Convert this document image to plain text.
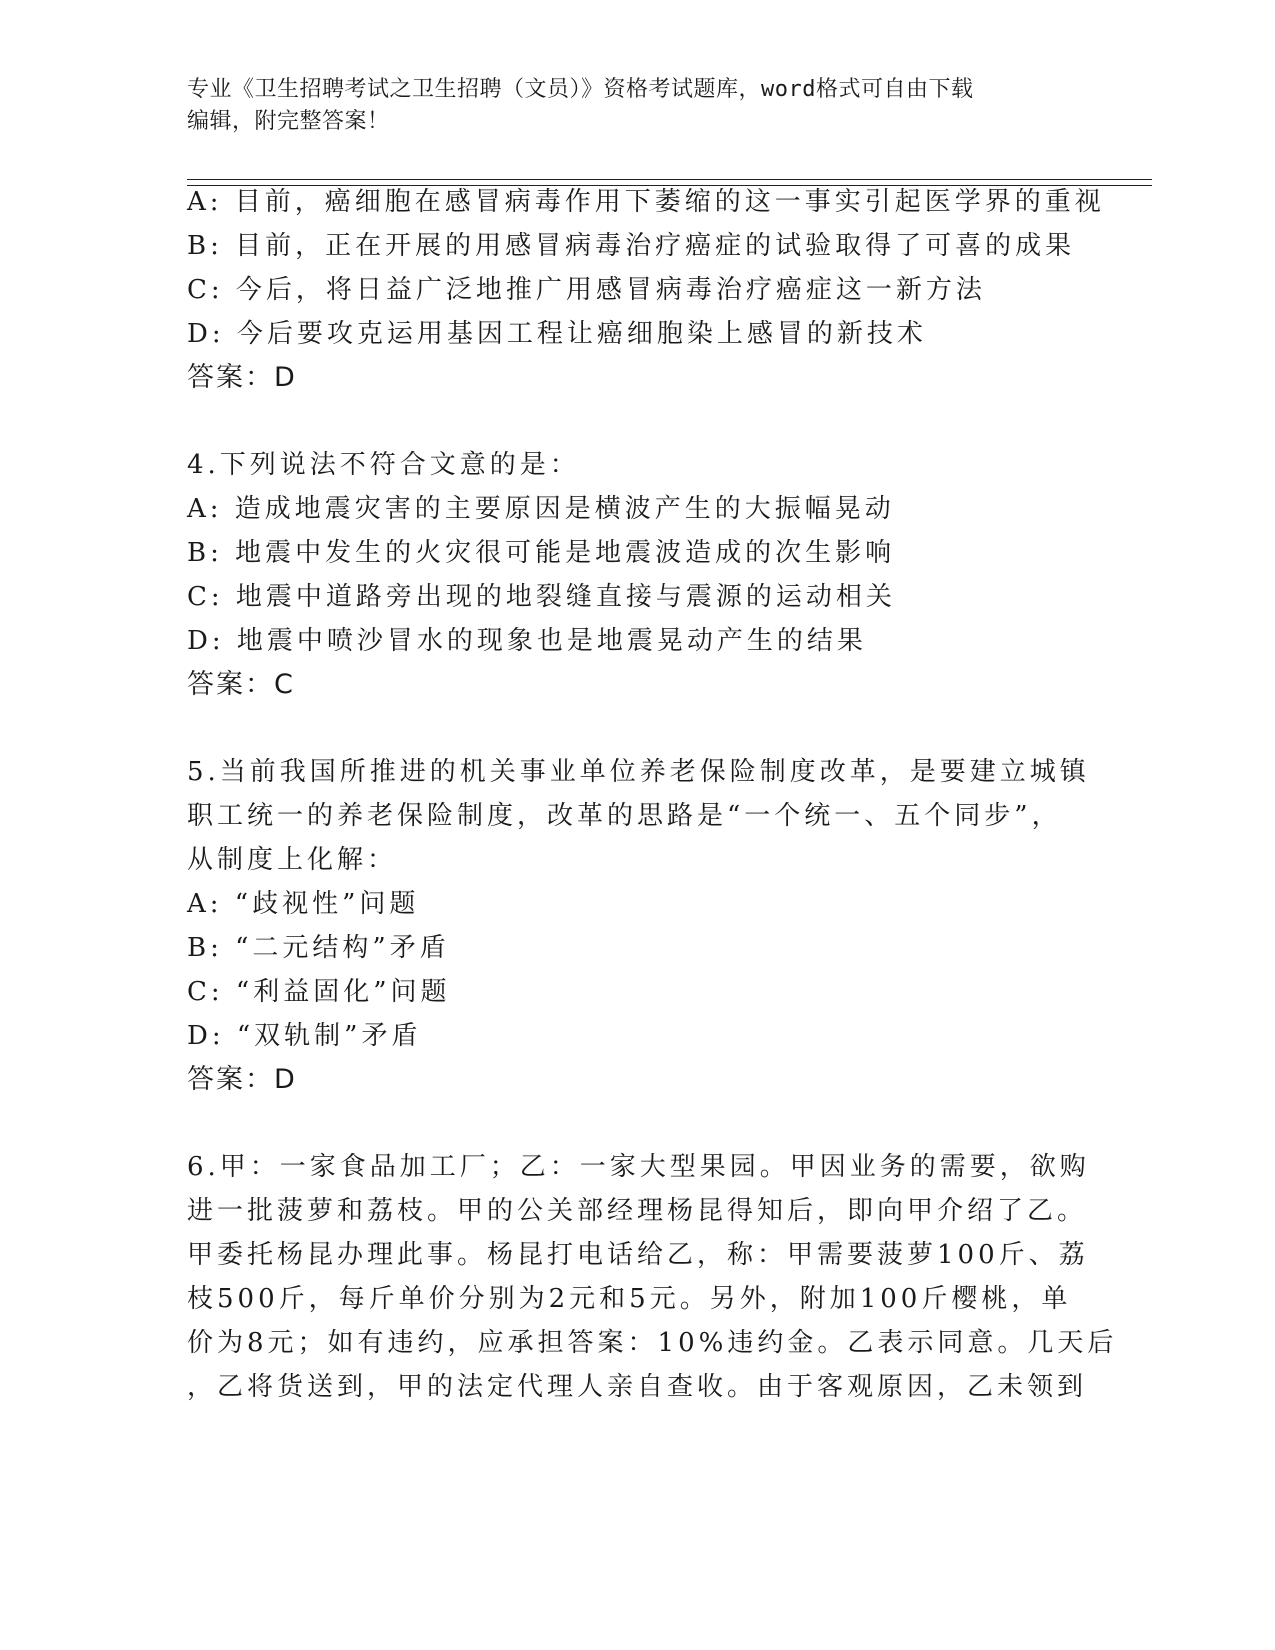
专业《卫生招聘考试之卫生招聘（文员）》资格考试题库，word格式可自由下载
编辑，附完整答案！
A: 目前，癌细胞在感冒病毒作用下萎缩的这一事实引起医学界的重视
B: 目前，正在开展的用感冒病毒治疗癌症的试验取得了可喜的成果
C: 今后，将日益广泛地推广用感冒病毒治疗癌症这一新方法
D: 今后要攻克运用基因工程让癌细胞染上感冒的新技术
答案：D
4.下列说法不符合文意的是：
A: 造成地震灾害的主要原因是横波产生的大振幅晃动
B: 地震中发生的火灾很可能是地震波造成的次生影响
C: 地震中道路旁出现的地裂缝直接与震源的运动相关
D: 地震中喷沙冒水的现象也是地震晃动产生的结果
答案：C
5.当前我国所推进的机关事业单位养老保险制度改革，是要建立城镇
职工统一的养老保险制度，改革的思路是“一个统一、五个同步”，
从制度上化解：
A: “歧视性”问题
B: “二元结构”矛盾
C: “利益固化”问题
D: “双轨制”矛盾
答案：D
6.甲：一家食品加工厂；乙：一家大型果园。甲因业务的需要，欲购
进一批菠萝和荔枝。甲的公关部经理杨昆得知后，即向甲介绍了乙。
甲委托杨昆办理此事。杨昆打电话给乙，称：甲需要菠萝100斤、荔
枝500斤，每斤单价分别为2元和5元。另外，附加100斤樱桃，单
价为8元；如有违约，应承担答案：10%违约金。乙表示同意。几天后
，乙将货送到，甲的法定代理人亲自查收。由于客观原因，乙未领到
